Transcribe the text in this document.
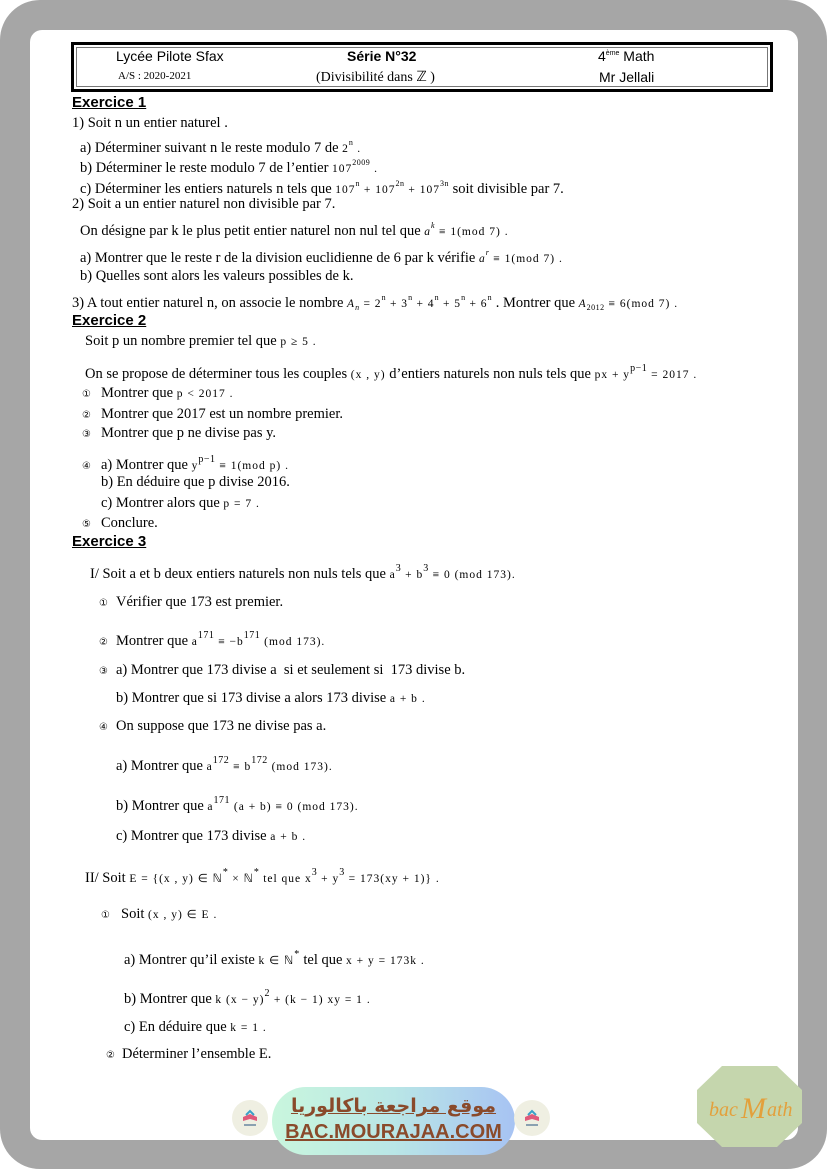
Lycée Pilote Sfax
A/S : 2020-2021
Série N°32
(Divisibilité dans ℤ )
4ème Math
Mr Jellali
Exercice 1
1) Soit n un entier naturel .
a) Déterminer suivant n le reste modulo 7 de 2$^n$ .
b) Déterminer le reste modulo 7 de l’entier $107^{2009}$ .
c) Déterminer les entiers naturels n tels que $107^n + 107^{2n} + 107^{3n}$ soit divisible par 7.
2) Soit a un entier naturel non divisible par 7.
On désigne par k le plus petit entier naturel non nul tel que $a^k \equiv 1(mod$ 7) .
a) Montrer que le reste r de la division euclidienne de 6 par k vérifie $a^r \equiv 1(mod$ 7) .
b) Quelles sont alors les valeurs possibles de k.
3) A tout entier naturel n, on associe le nombre $A_n = 2^n + 3^n + 4^n + 5^n + 6^n$ . Montrer que $A_{2012} \equiv 6(mod$ 7) .
Exercice 2
Soit p un nombre premier tel que p ≥ 5 .
On se propose de déterminer tous les couples (x , y) d’entiers naturels non nuls tels que px + $y^{p-1} = 2017$ .
① Montrer que p < 2017 .
② Montrer que 2017 est un nombre premier.
③ Montrer que p ne divise pas y.
④ a) Montrer que $y^{p-1} \equiv 1(mod$ p) .
b) En déduire que p divise 2016.
c) Montrer alors que p = 7 .
⑤ Conclure.
Exercice 3
I/ Soit a et b deux entiers naturels non nuls tels que $a^3 + b^3 \equiv 0$ (mod 173).
① Vérifier que 173 est premier.
② Montrer que $a^{171} \equiv -b^{171}$ (mod 173).
③ a) Montrer que 173 divise a  si et seulement si  173 divise b.
b) Montrer que si 173 divise a alors 173 divise a + b .
④ On suppose que 173 ne divise pas a.
a) Montrer que $a^{172} \equiv b^{172}$ (mod 173).
b) Montrer que $a^{171}$ (a + b) ≡ 0 (mod 173).
c) Montrer que 173 divise a + b .
II/ Soit E = {(x , y) ∈ ℕ* × ℕ* tel que $x^3 + y^3 = 173(xy + 1)$} .
① Soit (x , y) ∈ E .
a) Montrer qu’il existe k ∈ ℕ* tel que x + y = 173k .
b) Montrer que k $(x - y)^2 + (k - 1)$ xy = 1 .
c) En déduire que k = 1 .
② Déterminer l’ensemble E.
موقع مراجعة باكالوريا
BAC.MOURAJAA.COM
bac M ath
